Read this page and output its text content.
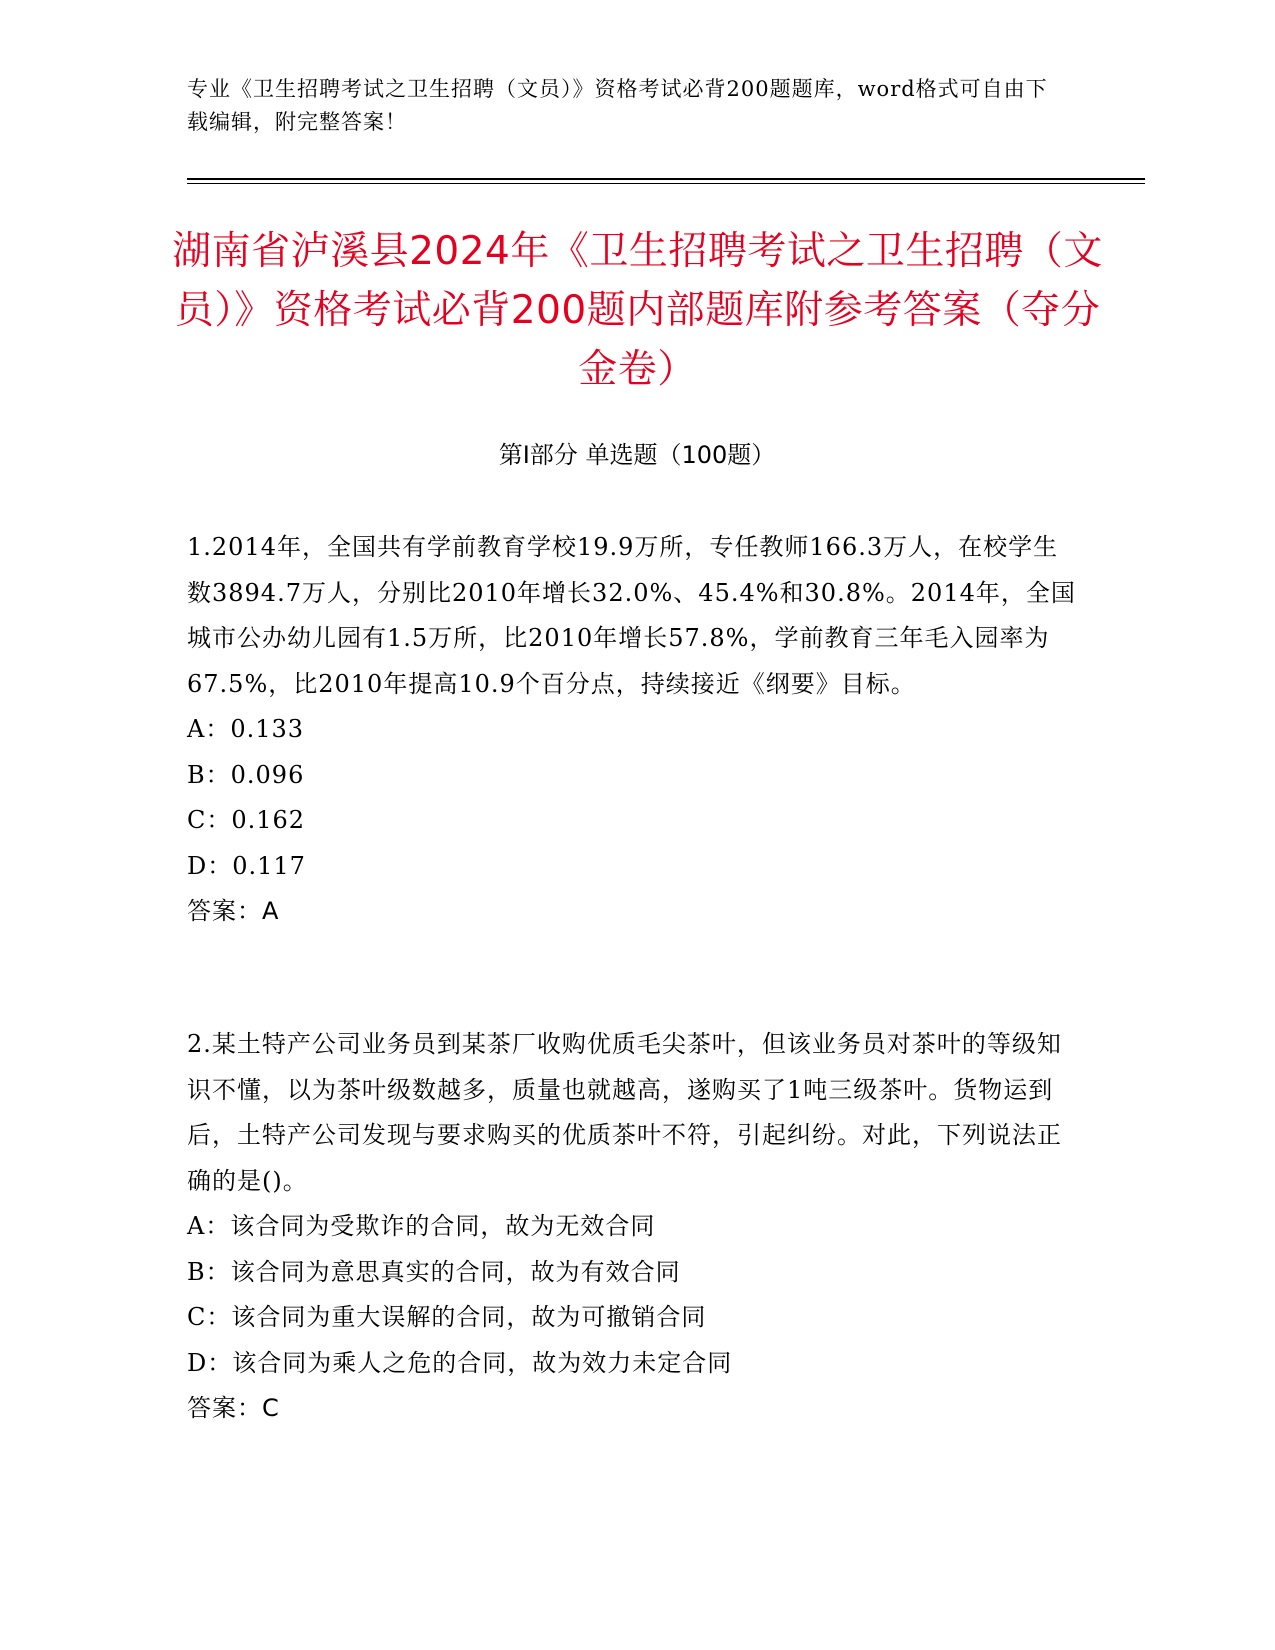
专业《卫生招聘考试之卫生招聘（文员）》资格考试必背200题题库，word格式可自由下载编辑，附完整答案！
湖南省泸溪县2024年《卫生招聘考试之卫生招聘（文员）》资格考试必背200题内部题库附参考答案（夺分金卷）
第I部分 单选题（100题）

1.2014年，全国共有学前教育学校19.9万所，专任教师166.3万人，在校学生数3894.7万人，分别比2010年增长32.0%、45.4%和30.8%。2014年，全国城市公办幼儿园有1.5万所，比2010年增长57.8%，学前教育三年毛入园率为67.5%，比2010年提高10.9个百分点，持续接近《纲要》目标。

A：0.133

B：0.096

C：0.162

D：0.117

答案：A

2.某土特产公司业务员到某茶厂收购优质毛尖茶叶，但该业务员对茶叶的等级知识不懂，以为茶叶级数越多，质量也就越高，遂购买了1吨三级茶叶。货物运到后，土特产公司发现与要求购买的优质茶叶不符，引起纠纷。对此，下列说法正确的是()。

A：该合同为受欺诈的合同，故为无效合同

B：该合同为意思真实的合同，故为有效合同

C：该合同为重大误解的合同，故为可撤销合同

D：该合同为乘人之危的合同，故为效力未定合同

答案：C
